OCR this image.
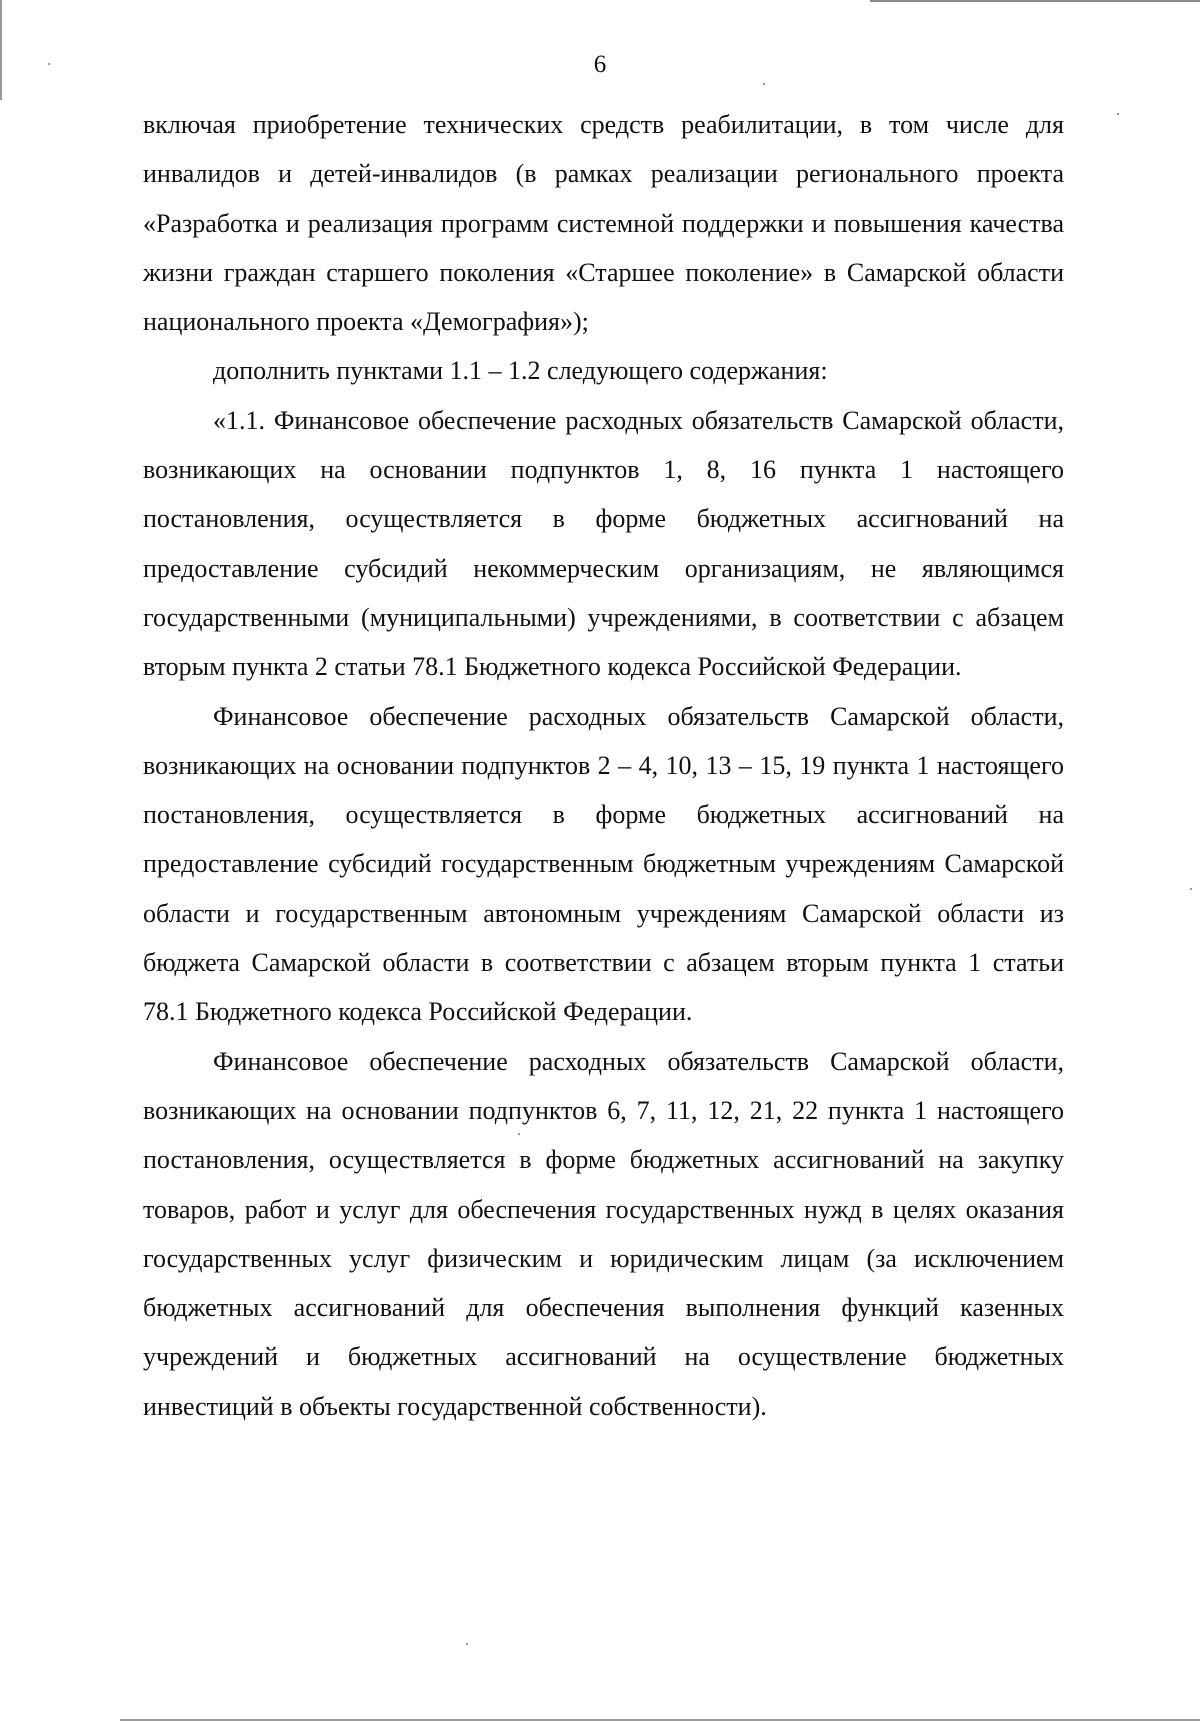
6

включая приобретение технических средств реабилитации, в том числе для инвалидов и детей-инвалидов (в рамках реализации регионального проекта «Разработка и реализация программ системной поддержки и повышения качества жизни граждан старшего поколения «Старшее поколение» в Самарской области национального проекта «Демография»);

дополнить пунктами 1.1 – 1.2 следующего содержания:

«1.1. Финансовое обеспечение расходных обязательств Самарской области, возникающих на основании подпунктов 1, 8, 16 пункта 1 настоящего постановления, осуществляется в форме бюджетных ассигнований на предоставление субсидий некоммерческим организациям, не являющимся государственными (муниципальными) учреждениями, в соответствии с абзацем вторым пункта 2 статьи 78.1 Бюджетного кодекса Российской Федерации.

Финансовое обеспечение расходных обязательств Самарской области, возникающих на основании подпунктов 2 – 4, 10, 13 – 15, 19 пункта 1 настоящего постановления, осуществляется в форме бюджетных ассигнований на предоставление субсидий государственным бюджетным учреждениям Самарской области и государственным автономным учреждениям Самарской области из бюджета Самарской области в соответствии с абзацем вторым пункта 1 статьи 78.1 Бюджетного кодекса Российской Федерации.

Финансовое обеспечение расходных обязательств Самарской области, возникающих на основании подпунктов 6, 7, 11, 12, 21, 22 пункта 1 настоящего постановления, осуществляется в форме бюджетных ассигнований на закупку товаров, работ и услуг для обеспечения государственных нужд в целях оказания государственных услуг физическим и юридическим лицам (за исключением бюджетных ассигнований для обеспечения выполнения функций казенных учреждений и бюджетных ассигнований на осуществление бюджетных инвестиций в объекты государственной собственности).
